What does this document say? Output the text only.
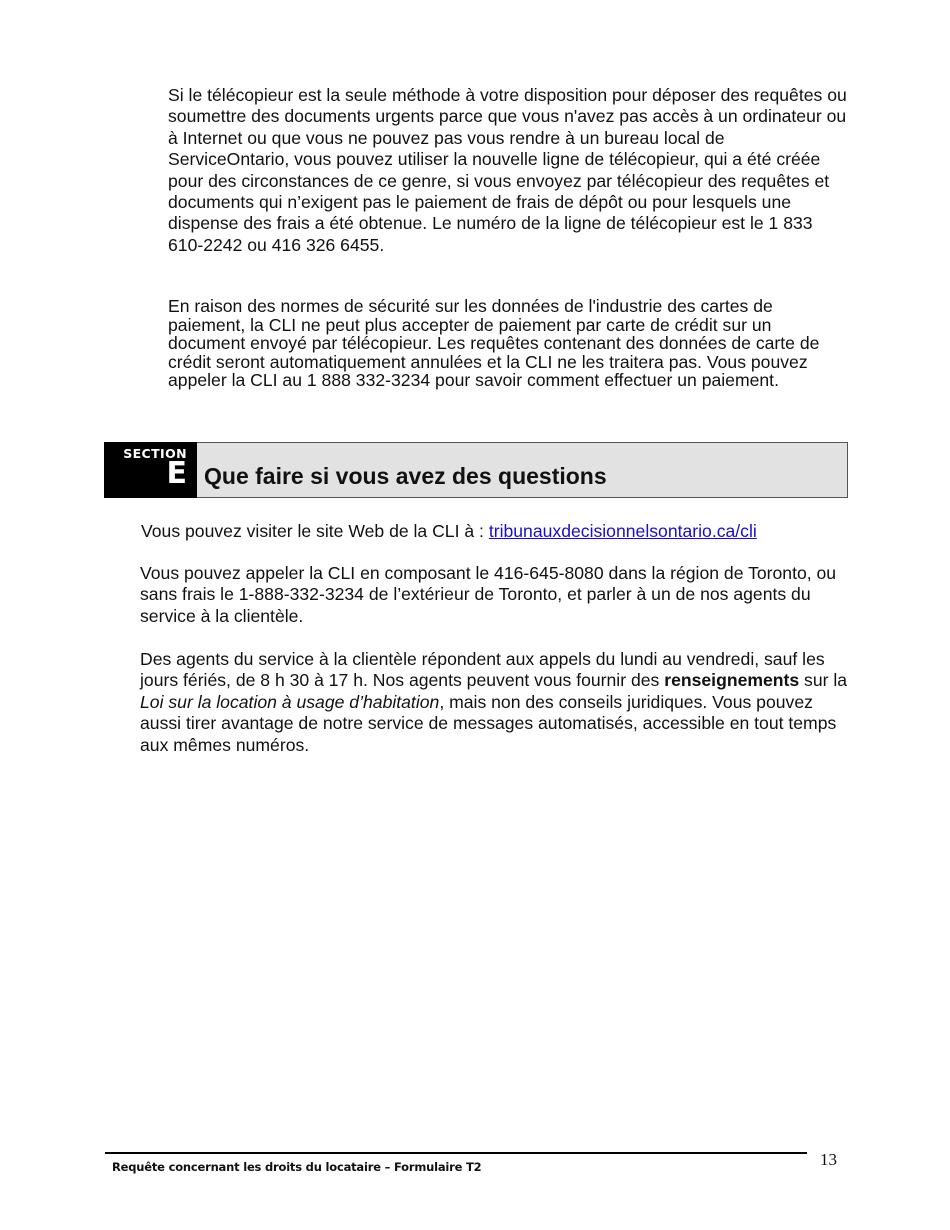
Si le télécopieur est la seule méthode à votre disposition pour déposer des requêtes ou soumettre des documents urgents parce que vous n'avez pas accès à un ordinateur ou à Internet ou que vous ne pouvez pas vous rendre à un bureau local de ServiceOntario, vous pouvez utiliser la nouvelle ligne de télécopieur, qui a été créée pour des circonstances de ce genre, si vous envoyez par télécopieur des requêtes et documents qui n’exigent pas le paiement de frais de dépôt ou pour lesquels une dispense des frais a été obtenue. Le numéro de la ligne de télécopieur est le 1 833 610-2242 ou 416 326 6455.

En raison des normes de sécurité sur les données de l'industrie des cartes de paiement, la CLI ne peut plus accepter de paiement par carte de crédit sur un document envoyé par télécopieur. Les requêtes contenant des données de carte de crédit seront automatiquement annulées et la CLI ne les traitera pas. Vous pouvez appeler la CLI au 1 888 332-3234 pour savoir comment effectuer un paiement.

SECTION
E Que faire si vous avez des questions

Vous pouvez visiter le site Web de la CLI à : tribunauxdecisionnelsontario.ca/cli

Vous pouvez appeler la CLI en composant le 416-645-8080 dans la région de Toronto, ou sans frais le 1-888-332-3234 de l’extérieur de Toronto, et parler à un de nos agents du service à la clientèle.

Des agents du service à la clientèle répondent aux appels du lundi au vendredi, sauf les jours fériés, de 8 h 30 à 17 h. Nos agents peuvent vous fournir des renseignements sur la Loi sur la location à usage d’habitation, mais non des conseils juridiques. Vous pouvez aussi tirer avantage de notre service de messages automatisés, accessible en tout temps aux mêmes numéros.

Requête concernant les droits du locataire – Formulaire T2	13
